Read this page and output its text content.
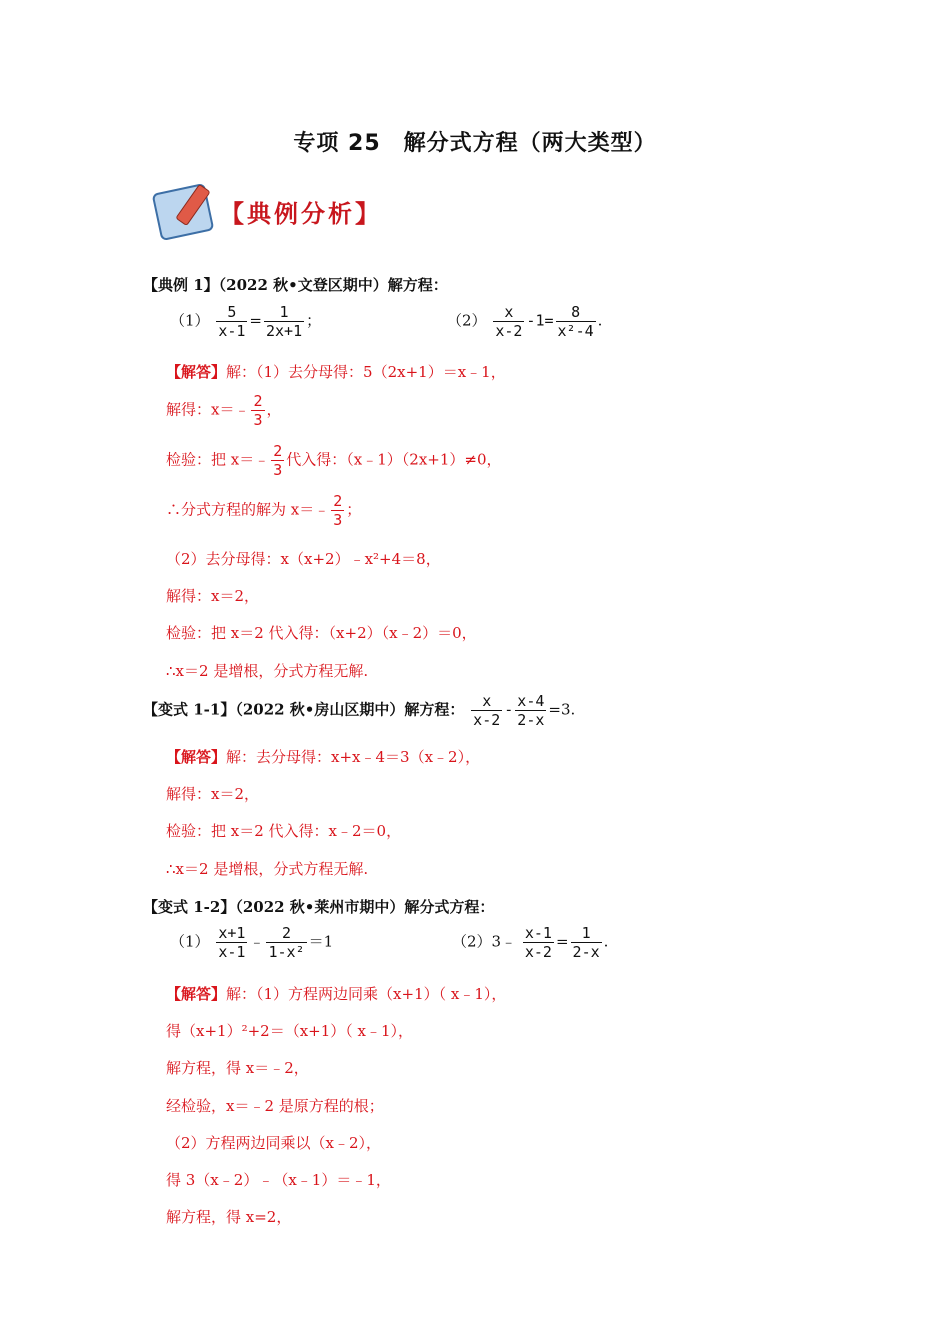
专项 25　解分式方程（两大类型）
【典例分析】
【典例 1】（2022 秋•文登区期中）解方程：
$(1) \frac{5}{x-1} = \frac{1}{2x+1}$ ；	$(2) \frac{x}{x-2} -1= \frac{8}{\text{x²-4}}$ .
【解答】解：（1）去分母得：5（2x+1）＝x﹣1，
解得：x＝﹣ $\frac{2}{3}$ ，
检验：把 x＝﹣ $\frac{2}{3}$ 代入得：（x﹣1）（2x+1）≠0，
∴分式方程的解为 x＝﹣ $\frac{2}{3}$ ；
（2）去分母得：x（x+2）﹣x²+4＝8，
解得：x＝2，
检验：把 x＝2 代入得：（x+2）（x﹣2）＝0，
∴x＝2 是增根，分式方程无解.
【变式 1-1】（2022 秋•房山区期中）解方程： $\frac{x}{x-2} - \frac{x-4}{2-x} =3$.
【解答】解：去分母得：x+x﹣4＝3（x﹣2），
解得：x＝2，
检验：把 x＝2 代入得：x﹣2＝0，
∴x＝2 是增根，分式方程无解.
【变式 1-2】（2022 秋•莱州市期中）解分式方程：
$(1) \frac{x+1}{x-1}$ ﹣ $\frac{2}{\text{1-x²}} =1$	（2）3﹣ $\frac{x-1}{x-2} = \frac{1}{2-x}$ .
【解答】解：（1）方程两边同乘（x+1）（ x﹣1），
得（x+1）²+2＝（x+1）（ x﹣1），
解方程，得 x＝﹣2，
经检验，x＝﹣2 是原方程的根；
（2）方程两边同乘以（x﹣2），
得 3（x﹣2）﹣（x﹣1）＝﹣1，
解方程，得 x=2，
